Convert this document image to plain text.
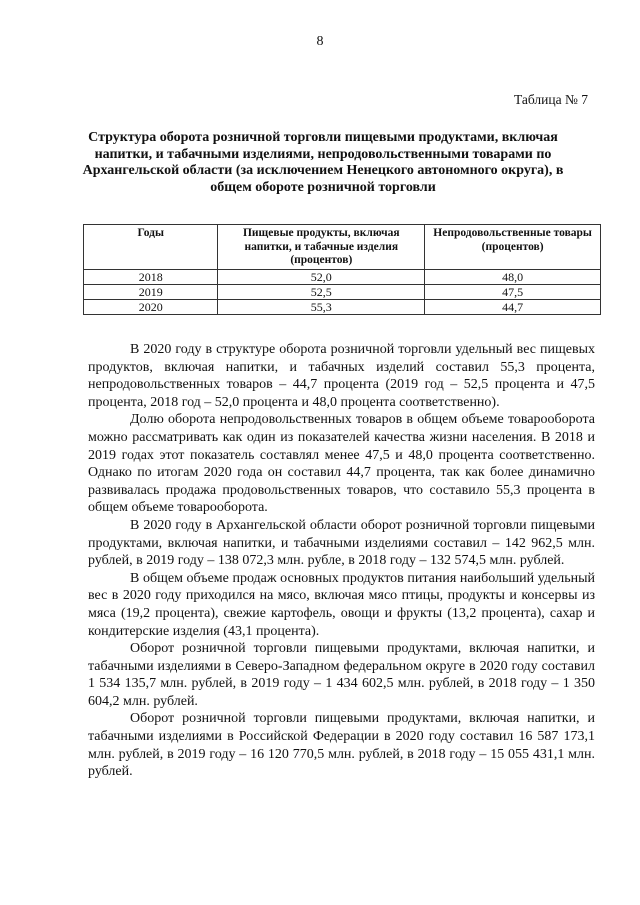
8
Таблица № 7
Структура оборота розничной торговли пищевыми продуктами, включая напитки, и табачными изделиями, непродовольственными товарами по Архангельской области (за исключением Ненецкого автономного округа), в общем обороте розничной торговли
Годы	Пищевые продукты, включая напитки, и табачные изделия (процентов)	Непродовольственные товары (процентов)
2018	52,0	48,0
2019	52,5	47,5
2020	55,3	44,7

В 2020 году в структуре оборота розничной торговли удельный вес пищевых продуктов, включая напитки, и табачных изделий составил 55,3 процента, непродовольственных товаров – 44,7 процента (2019 год – 52,5 процента и 47,5 процента, 2018 год – 52,0 процента и 48,0 процента соответственно).

Долю оборота непродовольственных товаров в общем объеме товарооборота можно рассматривать как один из показателей качества жизни населения. В 2018 и 2019 годах этот показатель составлял менее 47,5 и 48,0 процента соответственно. Однако по итогам 2020 года он составил 44,7 процента, так как более динамично развивалась продажа продовольственных товаров, что составило 55,3 процента в общем объеме товарооборота.

В 2020 году в Архангельской области оборот розничной торговли пищевыми продуктами, включая напитки, и табачными изделиями составил – 142 962,5 млн. рублей, в 2019 году – 138 072,3 млн. рубле, в 2018 году – 132 574,5 млн. рублей.

В общем объеме продаж основных продуктов питания наибольший удельный вес в 2020 году приходился на мясо, включая мясо птицы, продукты и консервы из мяса (19,2 процента), свежие картофель, овощи и фрукты (13,2 процента), сахар и кондитерские изделия (43,1 процента).

Оборот розничной торговли пищевыми продуктами, включая напитки, и табачными изделиями в Северо-Западном федеральном округе в 2020 году составил 1 534 135,7 млн. рублей, в 2019 году – 1 434 602,5 млн. рублей, в 2018 году – 1 350 604,2 млн. рублей.

Оборот розничной торговли пищевыми продуктами, включая напитки, и табачными изделиями в Российской Федерации в 2020 году составил 16 587 173,1 млн. рублей, в 2019 году – 16 120 770,5 млн. рублей, в 2018 году – 15 055 431,1 млн. рублей.
